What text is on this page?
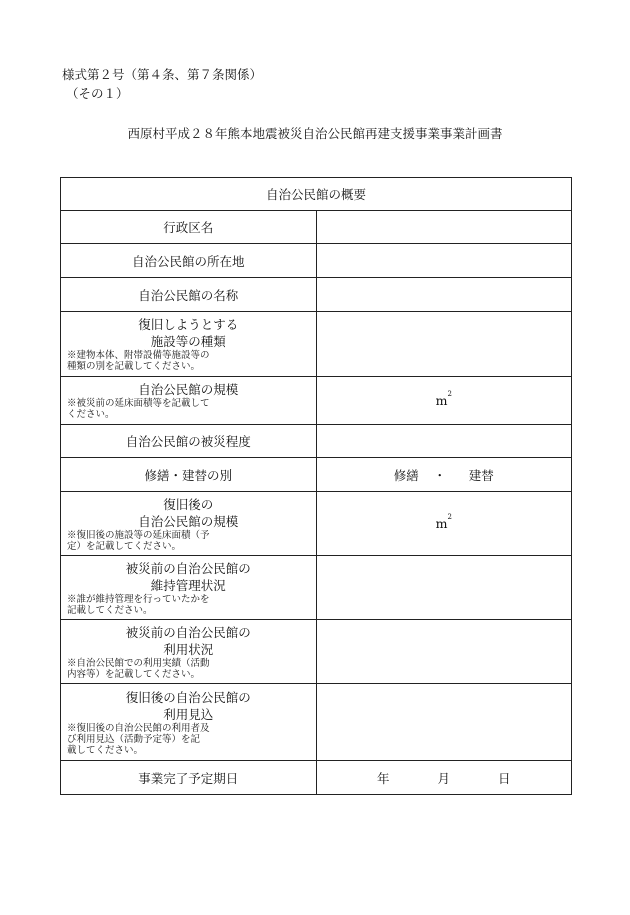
様式第２号（第４条、第７条関係）
（その１）
西原村平成２８年熊本地震被災自治公民館再建支援事業事業計画書
自治公民館の概要	
行政区名	
自治公民館の所在地	
自治公民館の名称	

復旧しようとする
施設等の種類
※建物本体、附帯設備等施設等の
種類の別を記載してください。	

自治公民館の規模
※被災前の延床面積等を記載して
ください。	$m^2$
自治公民館の被災程度	
修繕・建替の別	修繕 ・ 建替

復旧後の
自治公民館の規模
※復旧後の施設等の延床面積（予
定）を記載してください。	$m^2$

被災前の自治公民館の
維持管理状況
※誰が維持管理を行っていたかを
記載してください。	

被災前の自治公民館の
利用状況
※自治公民館での利用実績（活動
内容等）を記載してください。	

復旧後の自治公民館の
利用見込
※復旧後の自治公民館の利用者及
び利用見込（活動予定等）を記
載してください。	

事業完了予定期日	年 月 日
